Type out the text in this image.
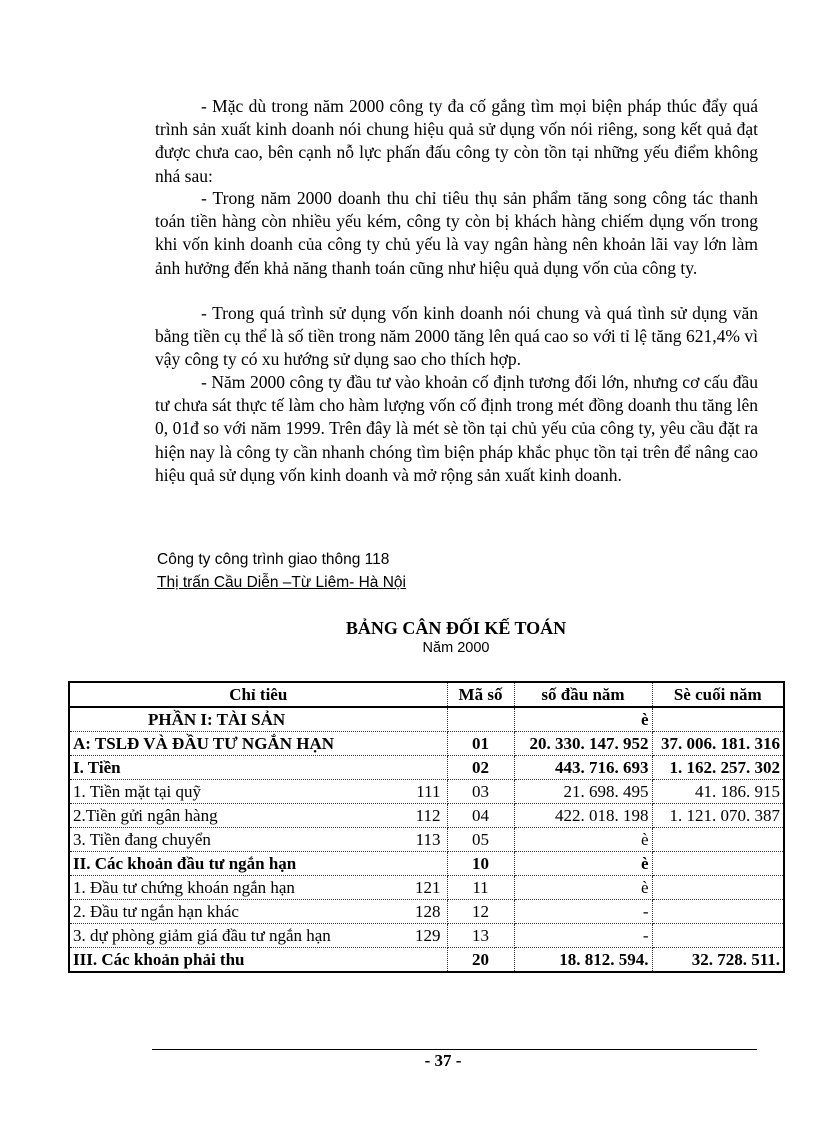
- Mặc dù trong năm 2000 công ty đa cố gắng tìm mọi biện pháp thúc đẩy quá trình sản xuất kinh doanh nói chung hiệu quả sử dụng vốn nói riêng, song kết quả đạt được chưa cao, bên cạnh nỗ lực phấn đấu công ty còn tồn tại những yếu điểm không nhá sau:

- Trong năm 2000 doanh thu chỉ tiêu thụ sản phẩm tăng song công tác thanh toán tiền hàng còn nhiều yếu kém, công ty còn bị khách hàng chiếm dụng vốn trong khi vốn kinh doanh của công ty chủ yếu là vay ngân hàng nên khoản lãi vay lớn làm ảnh hưởng đến khả năng thanh toán cũng như hiệu quả dụng vốn của công ty.

- Trong quá trình sử dụng vốn kinh doanh nói chung và quá tình sử dụng văn bằng tiền cụ thể là số tiền trong năm 2000 tăng lên quá cao so với tỉ lệ tăng 621,4% vì vậy công ty có xu hướng sử dụng sao cho thích hợp.

- Năm 2000 công ty đầu tư vào khoản cố định tương đối lớn, nhưng cơ cấu đầu tư chưa sát thực tế làm cho hàm lượng vốn cố định trong mét đồng doanh thu tăng lên 0, 01đ so với năm 1999. Trên đây là mét sè tồn tại chủ yếu của công ty, yêu cầu đặt ra hiện nay là công ty cần nhanh chóng tìm biện pháp khắc phục tồn tại trên để nâng cao hiệu quả sử dụng vốn kinh doanh và mở rộng sản xuất kinh doanh.

Công ty công trình giao thông 118
Thị trấn Cầu Diễn –Từ Liêm- Hà Nội
BẢNG CÂN ĐỐI KẾ TOÁN
Năm 2000
Chỉ tiêu	Mã số	số đầu năm	Sè cuối năm
PHẦN I: TÀI SẢN		è	
A: TSLĐ VÀ ĐẦU TƯ NGẮN HẠN	01	20. 330. 147. 952	37. 006. 181. 316
I. Tiền	02	443. 716. 693	1. 162. 257. 302
1. Tiền mặt tại quỹ 111	03	21. 698. 495	41. 186. 915
2.Tiền gửi ngân hàng 112	04	422. 018. 198	1. 121. 070. 387
3. Tiền đang chuyển 113	05	è	
II. Các khoản đầu tư ngắn hạn	10	è	
1. Đầu tư chứng khoán ngắn hạn 121	11	è	
2. Đầu tư ngắn hạn khác 128	12	-	
3. dự phòng giảm giá đầu tư ngắn hạn 129	13	-	
III. Các khoản phải thu	20	18. 812. 594.	32. 728. 511.
- 37 -
